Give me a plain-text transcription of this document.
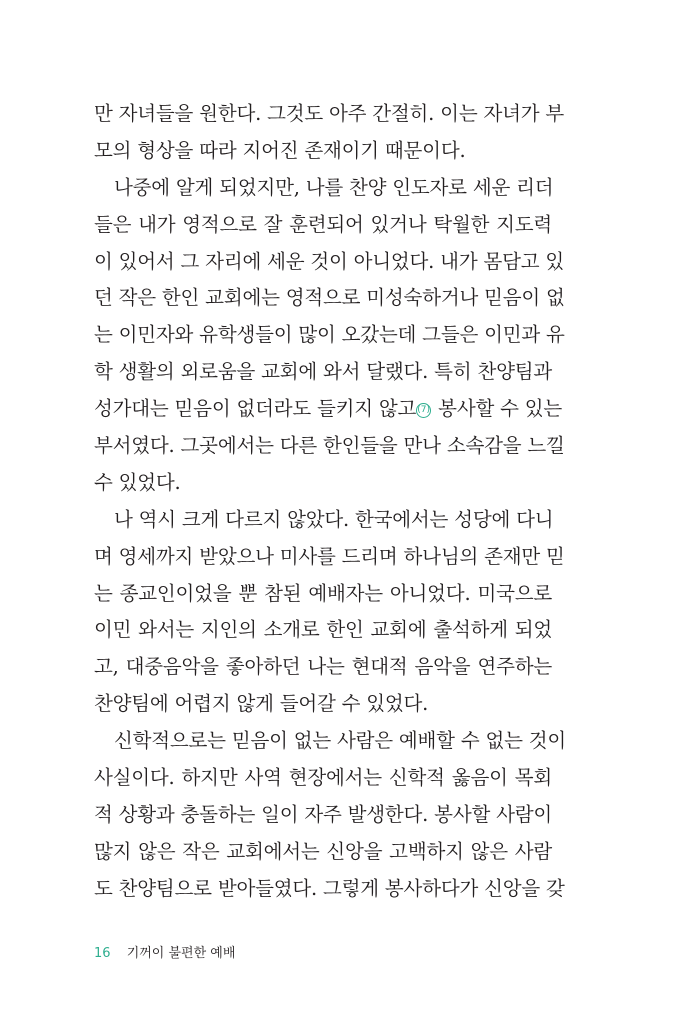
만 자녀들을 원한다. 그것도 아주 간절히. 이는 자녀가 부
모의 형상을 따라 지어진 존재이기 때문이다.
나중에 알게 되었지만, 나를 찬양 인도자로 세운 리더
들은 내가 영적으로 잘 훈련되어 있거나 탁월한 지도력
이 있어서 그 자리에 세운 것이 아니었다. 내가 몸담고 있
던 작은 한인 교회에는 영적으로 미성숙하거나 믿음이 없
는 이민자와 유학생들이 많이 오갔는데 그들은 이민과 유
학 생활의 외로움을 교회에 와서 달랬다. 특히 찬양팀과
성가대는 믿음이 없더라도 들키지 않고(7) 봉사할 수 있는
부서였다. 그곳에서는 다른 한인들을 만나 소속감을 느낄
수 있었다.
나 역시 크게 다르지 않았다. 한국에서는 성당에 다니
며 영세까지 받았으나 미사를 드리며 하나님의 존재만 믿
는 종교인이었을 뿐 참된 예배자는 아니었다. 미국으로
이민 와서는 지인의 소개로 한인 교회에 출석하게 되었
고, 대중음악을 좋아하던 나는 현대적 음악을 연주하는
찬양팀에 어렵지 않게 들어갈 수 있었다.
신학적으로는 믿음이 없는 사람은 예배할 수 없는 것이
사실이다. 하지만 사역 현장에서는 신학적 옳음이 목회
적 상황과 충돌하는 일이 자주 발생한다. 봉사할 사람이
많지 않은 작은 교회에서는 신앙을 고백하지 않은 사람
도 찬양팀으로 받아들였다. 그렇게 봉사하다가 신앙을 갖
16 기꺼이 불편한 예배
